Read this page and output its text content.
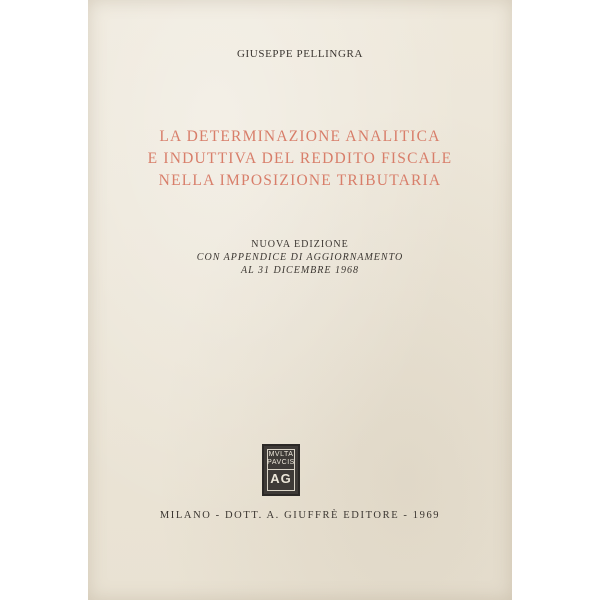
GIUSEPPE PELLINGRA
LA DETERMINAZIONE ANALITICA
E INDUTTIVA DEL REDDITO FISCALE
NELLA IMPOSIZIONE TRIBUTARIA
NUOVA EDIZIONE
CON APPENDICE DI AGGIORNAMENTO
AL 31 DICEMBRE 1968
MVLTA
PAVCIS
AG
MILANO - DOTT. A. GIUFFRÈ EDITORE - 1969
